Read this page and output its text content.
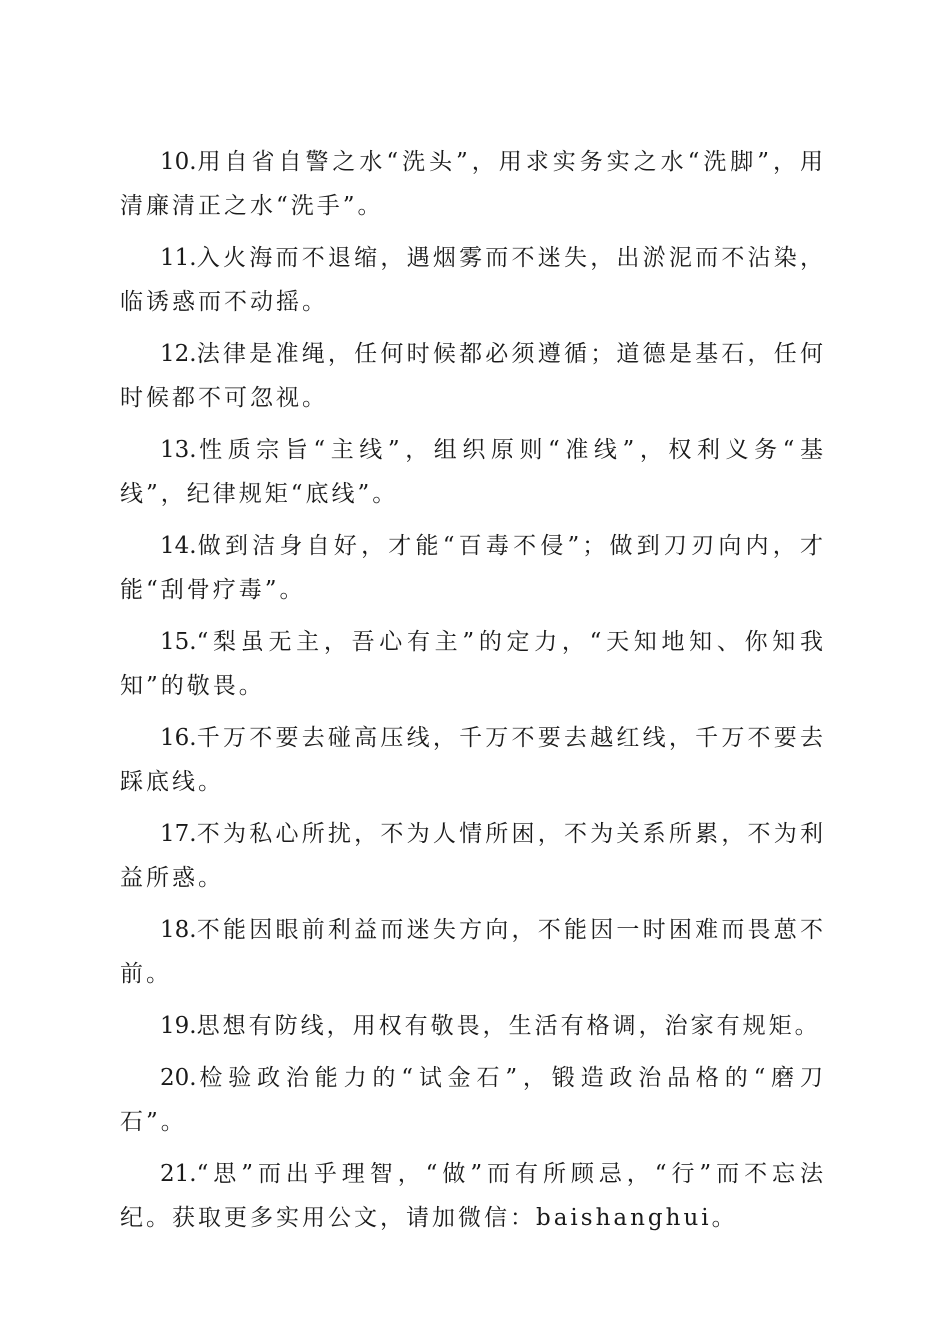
10.用自省自警之水“洗头”，用求实务实之水“洗脚”，用清廉清正之水“洗手”。

11.入火海而不退缩，遇烟雾而不迷失，出淤泥而不沾染，临诱惑而不动摇。

12.法律是准绳，任何时候都必须遵循；道德是基石，任何时候都不可忽视。

13.性质宗旨“主线”，组织原则“准线”，权利义务“基线”，纪律规矩“底线”。

14.做到洁身自好，才能“百毒不侵”；做到刀刃向内，才能“刮骨疗毒”。

15.“梨虽无主，吾心有主”的定力，“天知地知、你知我知”的敬畏。

16.千万不要去碰高压线，千万不要去越红线，千万不要去踩底线。

17.不为私心所扰，不为人情所困，不为关系所累，不为利益所惑。

18.不能因眼前利益而迷失方向，不能因一时困难而畏葸不前。

19.思想有防线，用权有敬畏，生活有格调，治家有规矩。

20.检验政治能力的“试金石”，锻造政治品格的“磨刀石”。

21.“思”而出乎理智，“做”而有所顾忌，“行”而不忘法纪。获取更多实用公文，请加微信：baishanghui。
